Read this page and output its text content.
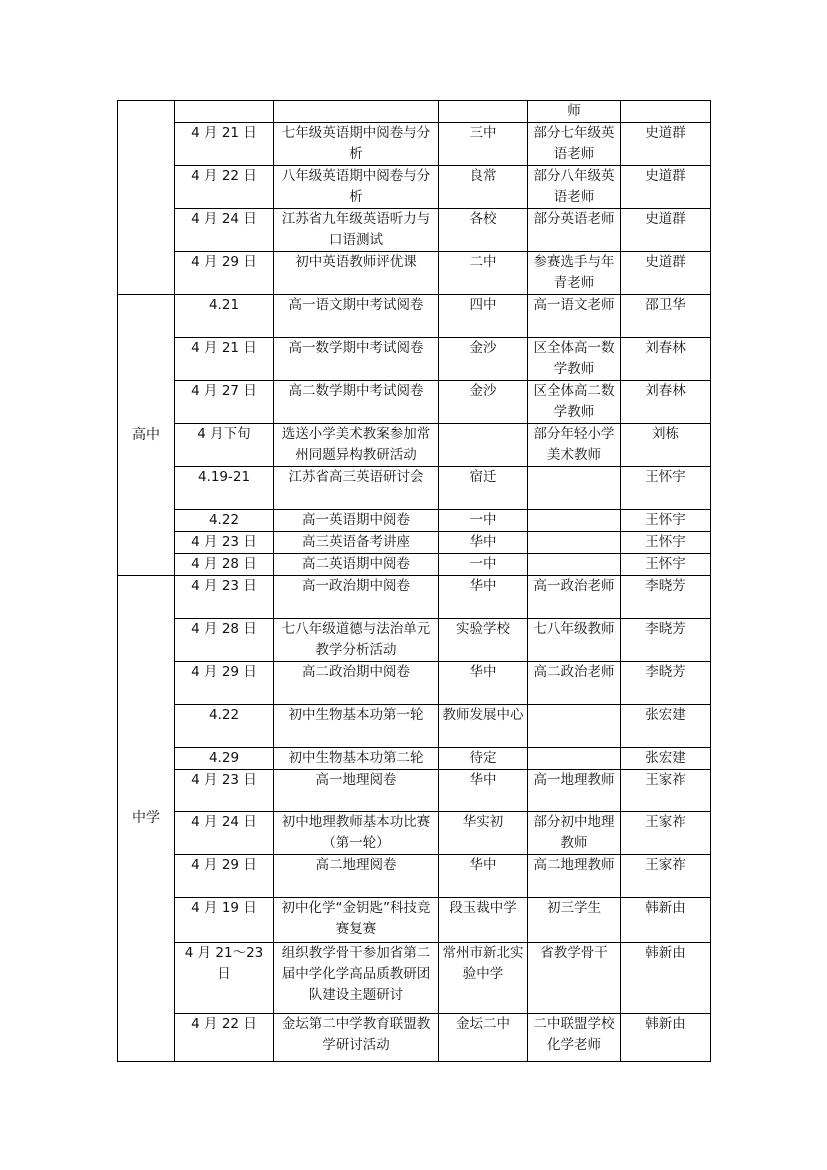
				师	
	4 月 21 日	七年级英语期中阅卷与分析	三中	部分七年级英语老师	史道群
	4 月 22 日	八年级英语期中阅卷与分析	良常	部分八年级英语老师	史道群
	4 月 24 日	江苏省九年级英语听力与口语测试	各校	部分英语老师	史道群
	4 月 29 日	初中英语教师评优课	二中	参赛选手与年青老师	史道群
高中	4.21	高一语文期中考试阅卷	四中	高一语文老师	邵卫华
	4 月 21 日	高一数学期中考试阅卷	金沙	区全体高一数学教师	刘春林
	4 月 27 日	高二数学期中考试阅卷	金沙	区全体高二数学教师	刘春林
	4 月下旬	选送小学美术教案参加常州同题异构教研活动		部分年轻小学美术教师	刘栋
	4.19-21	江苏省高三英语研讨会	宿迁		王怀宇
	4.22	高一英语期中阅卷	一中		王怀宇
	4 月 23 日	高三英语备考讲座	华中		王怀宇
	4 月 28 日	高二英语期中阅卷	一中		王怀宇
中学	4 月 23 日	高一政治期中阅卷	华中	高一政治老师	李晓芳
	4 月 28 日	七八年级道德与法治单元教学分析活动	实验学校	七八年级教师	李晓芳
	4 月 29 日	高二政治期中阅卷	华中	高二政治老师	李晓芳
	4.22	初中生物基本功第一轮	教师发展中心		张宏建
	4.29	初中生物基本功第二轮	待定		张宏建
	4 月 23 日	高一地理阅卷	华中	高一地理教师	王家祚
	4 月 24 日	初中地理教师基本功比赛（第一轮）	华实初	部分初中地理教师	王家祚
	4 月 29 日	高二地理阅卷	华中	高二地理教师	王家祚
	4 月 19 日	初中化学“金钥匙”科技竞赛复赛	段玉裁中学	初三学生	韩新由
	4 月 21～23 日	组织教学骨干参加省第二届中学化学高品质教研团队建设主题研讨	常州市新北实验中学	省教学骨干	韩新由
	4 月 22 日	金坛第二中学教育联盟教学研讨活动	金坛二中	二中联盟学校化学老师	韩新由
